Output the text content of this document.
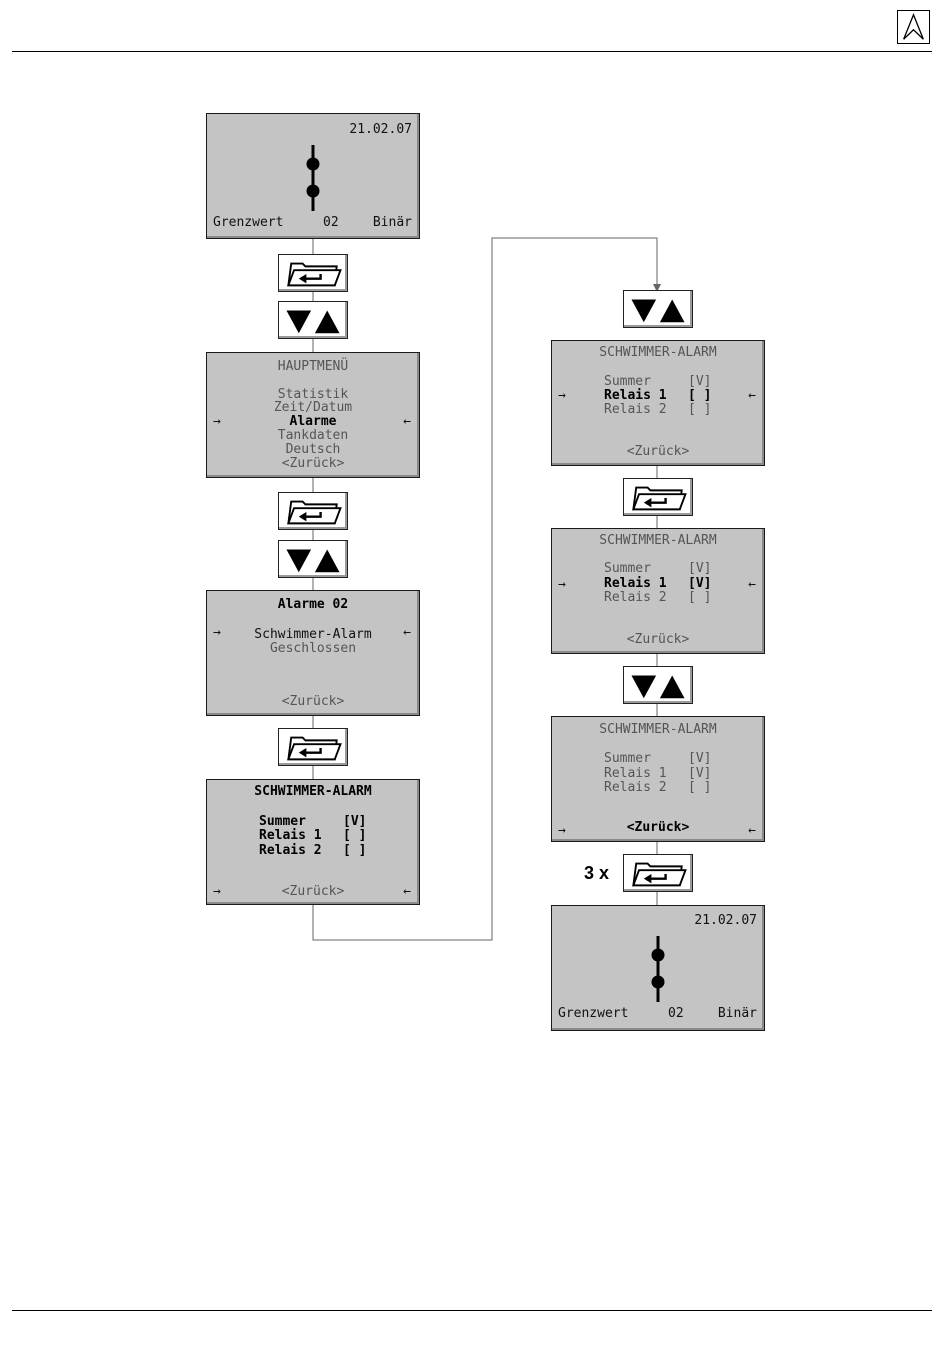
21.02.07
Grenzwert	02	Binär
HAUPTMENÜ
Statistik
Zeit/Datum
Alarme
Tankdaten
Deutsch
<Zurück>
→	←
Alarme 02
Schwimmer-Alarm
Geschlossen
<Zurück>
→	←
SCHWIMMER-ALARM
Summer	[V]
Relais 1 [ ]
Relais 2 [ ]
<Zurück>
→	←
SCHWIMMER-ALARM
Summer	[V]
Relais 1 [ ]
Relais 2 [ ]
<Zurück>
→	←
SCHWIMMER-ALARM
Summer	[V]
Relais 1 [V]
Relais 2 [ ]
<Zurück>
→	←
SCHWIMMER-ALARM
Summer	[V]
Relais 1 [V]
Relais 2 [ ]
<Zurück>
→	←
3 x
21.02.07
Grenzwert	02	Binär
